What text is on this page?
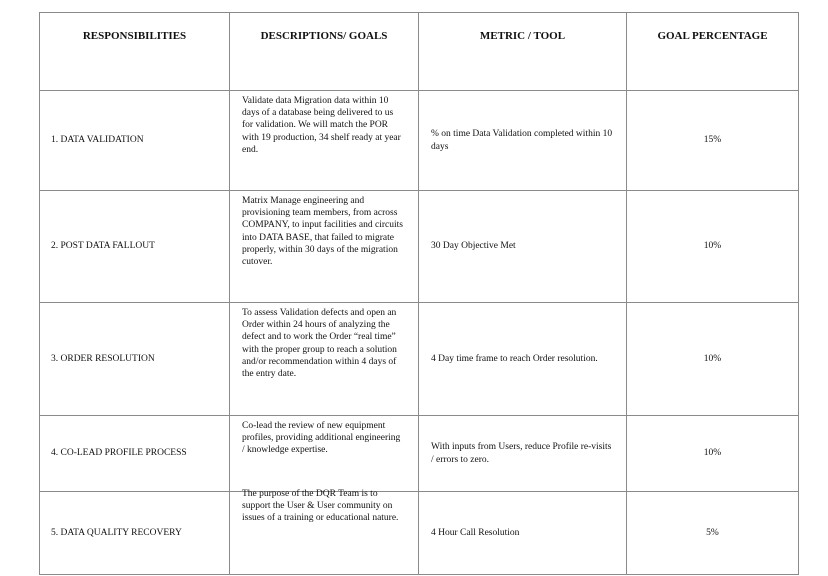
RESPONSIBILITIES	DESCRIPTIONS/ GOALS	METRIC / TOOL	GOAL PERCENTAGE

1. DATA VALIDATION	Validate data Migration data within 10 days of a database being delivered to us for validation. We will match the POR with 19 production, 34 shelf ready at year end.	% on time Data Validation completed within 10 days	15%
2. POST DATA FALLOUT	Matrix Manage engineering and provisioning team members, from across COMPANY, to input facilities and circuits into DATA BASE, that failed to migrate properly, within 30 days of the migration cutover.	30 Day Objective Met	10%
3. ORDER RESOLUTION	To assess Validation defects and open an Order within 24 hours of analyzing the defect and to work the Order “real time” with the proper group to reach a solution and/or recommendation within 4 days of the entry date.	4 Day time frame to reach Order resolution.	10%
4. CO-LEAD PROFILE PROCESS	Co-lead the review of new equipment profiles, providing additional engineering / knowledge expertise.	With inputs from Users, reduce Profile re-visits / errors to zero.	10%
5. DATA QUALITY RECOVERY	The purpose of the DQR Team is to support the User & User community on issues of a training or educational nature.	4 Hour Call Resolution	5%
